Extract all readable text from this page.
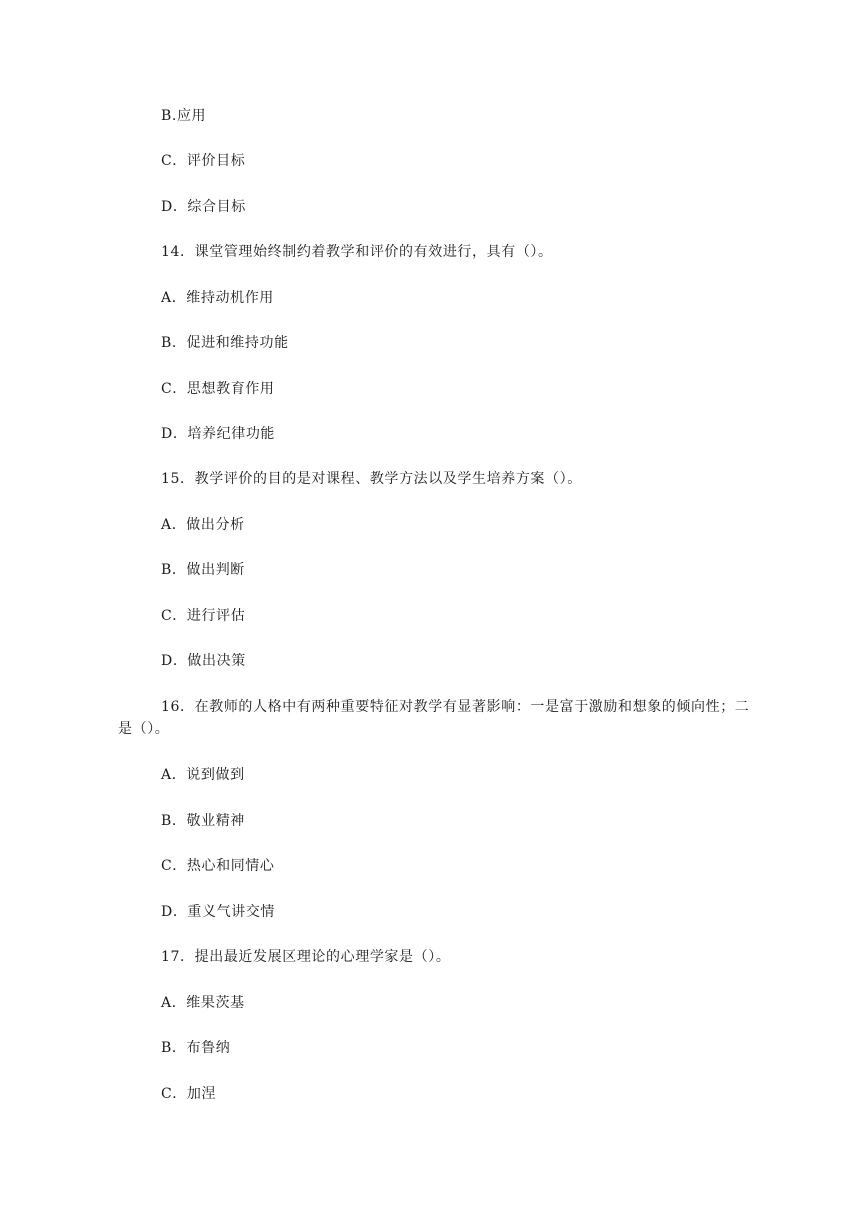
B.应用
C．评价目标
D．综合目标
14．课堂管理始终制约着教学和评价的有效进行，具有（）。
A．维持动机作用
B．促进和维持功能
C．思想教育作用
D．培养纪律功能
15．教学评价的目的是对课程、教学方法以及学生培养方案（）。
A．做出分析
B．做出判断
C．进行评估
D．做出决策
16．在教师的人格中有两种重要特征对教学有显著影响：一是富于激励和想象的倾向性；二是（）。
A．说到做到
B．敬业精神
C．热心和同情心
D．重义气讲交情
17．提出最近发展区理论的心理学家是（）。
A．维果茨基
B．布鲁纳
C．加涅
